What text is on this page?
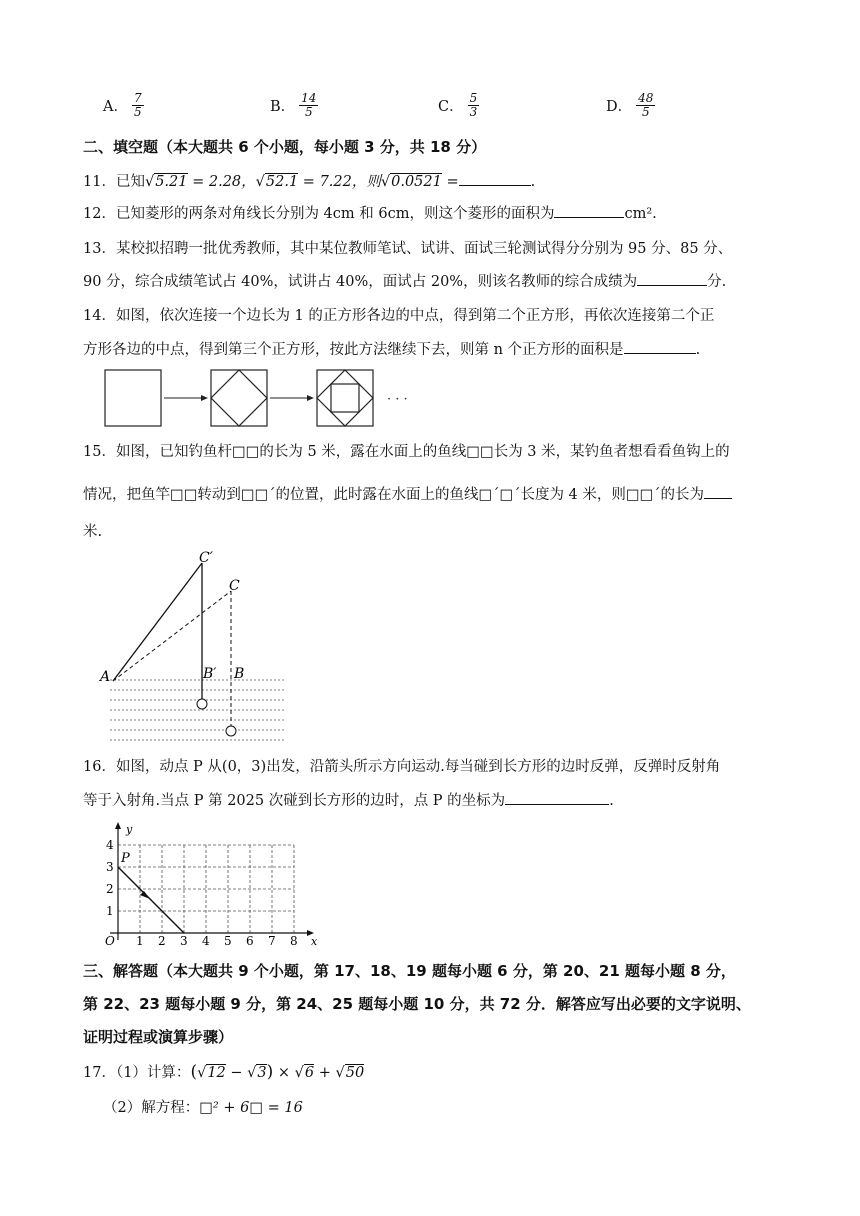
A． $\frac{7}{5}$	B． $\frac{14}{5}$	C． $\frac{5}{3}$	D． $\frac{48}{5}$
二、填空题（本大题共 6 个小题，每小题 3 分，共 18 分）
11．已知√5.21 = 2.28，√52.1 = 7.22，则√0.0521 =	.
12．已知菱形的两条对角线长分别为 4cm 和 6cm，则这个菱形的面积为	cm².
13．某校拟招聘一批优秀教师，其中某位教师笔试、试讲、面试三轮测试得分分别为 95 分、85 分、
90 分，综合成绩笔试占 40%，试讲占 40%，面试占 20%，则该名教师的综合成绩为	分.
14．如图，依次连接一个边长为 1 的正方形各边的中点，得到第二个正方形，再依次连接第二个正
方形各边的中点，得到第三个正方形，按此方法继续下去，则第 n 个正方形的面积是	.
· · ·
15．如图，已知钓鱼杆□□的长为 5 米，露在水面上的鱼线□□长为 3 米，某钓鱼者想看看鱼钩上的
情况，把鱼竿□□转动到□□´的位置，此时露在水面上的鱼线□´□´长度为 4 米，则□□´的长为
米.
A
C′
C
B′ B
16．如图，动点 P 从(0，3)出发，沿箭头所示方向运动.每当碰到长方形的边时反弹，反弹时反射角
等于入射角.当点 P 第 2025 次碰到长方形的边时，点 P 的坐标为	.
y
x
O
P
1 2 3 4 5 6 7 8
1
2
3
4
三、解答题（本大题共 9 个小题，第 17、18、19 题每小题 6 分，第 20、21 题每小题 8 分，
第 22、23 题每小题 9 分，第 24、25 题每小题 10 分，共 72 分．解答应写出必要的文字说明、
证明过程或演算步骤）
17．（1）计算：(√12 − √3) × √6 + √50
（2）解方程：□² + 6□ = 16
